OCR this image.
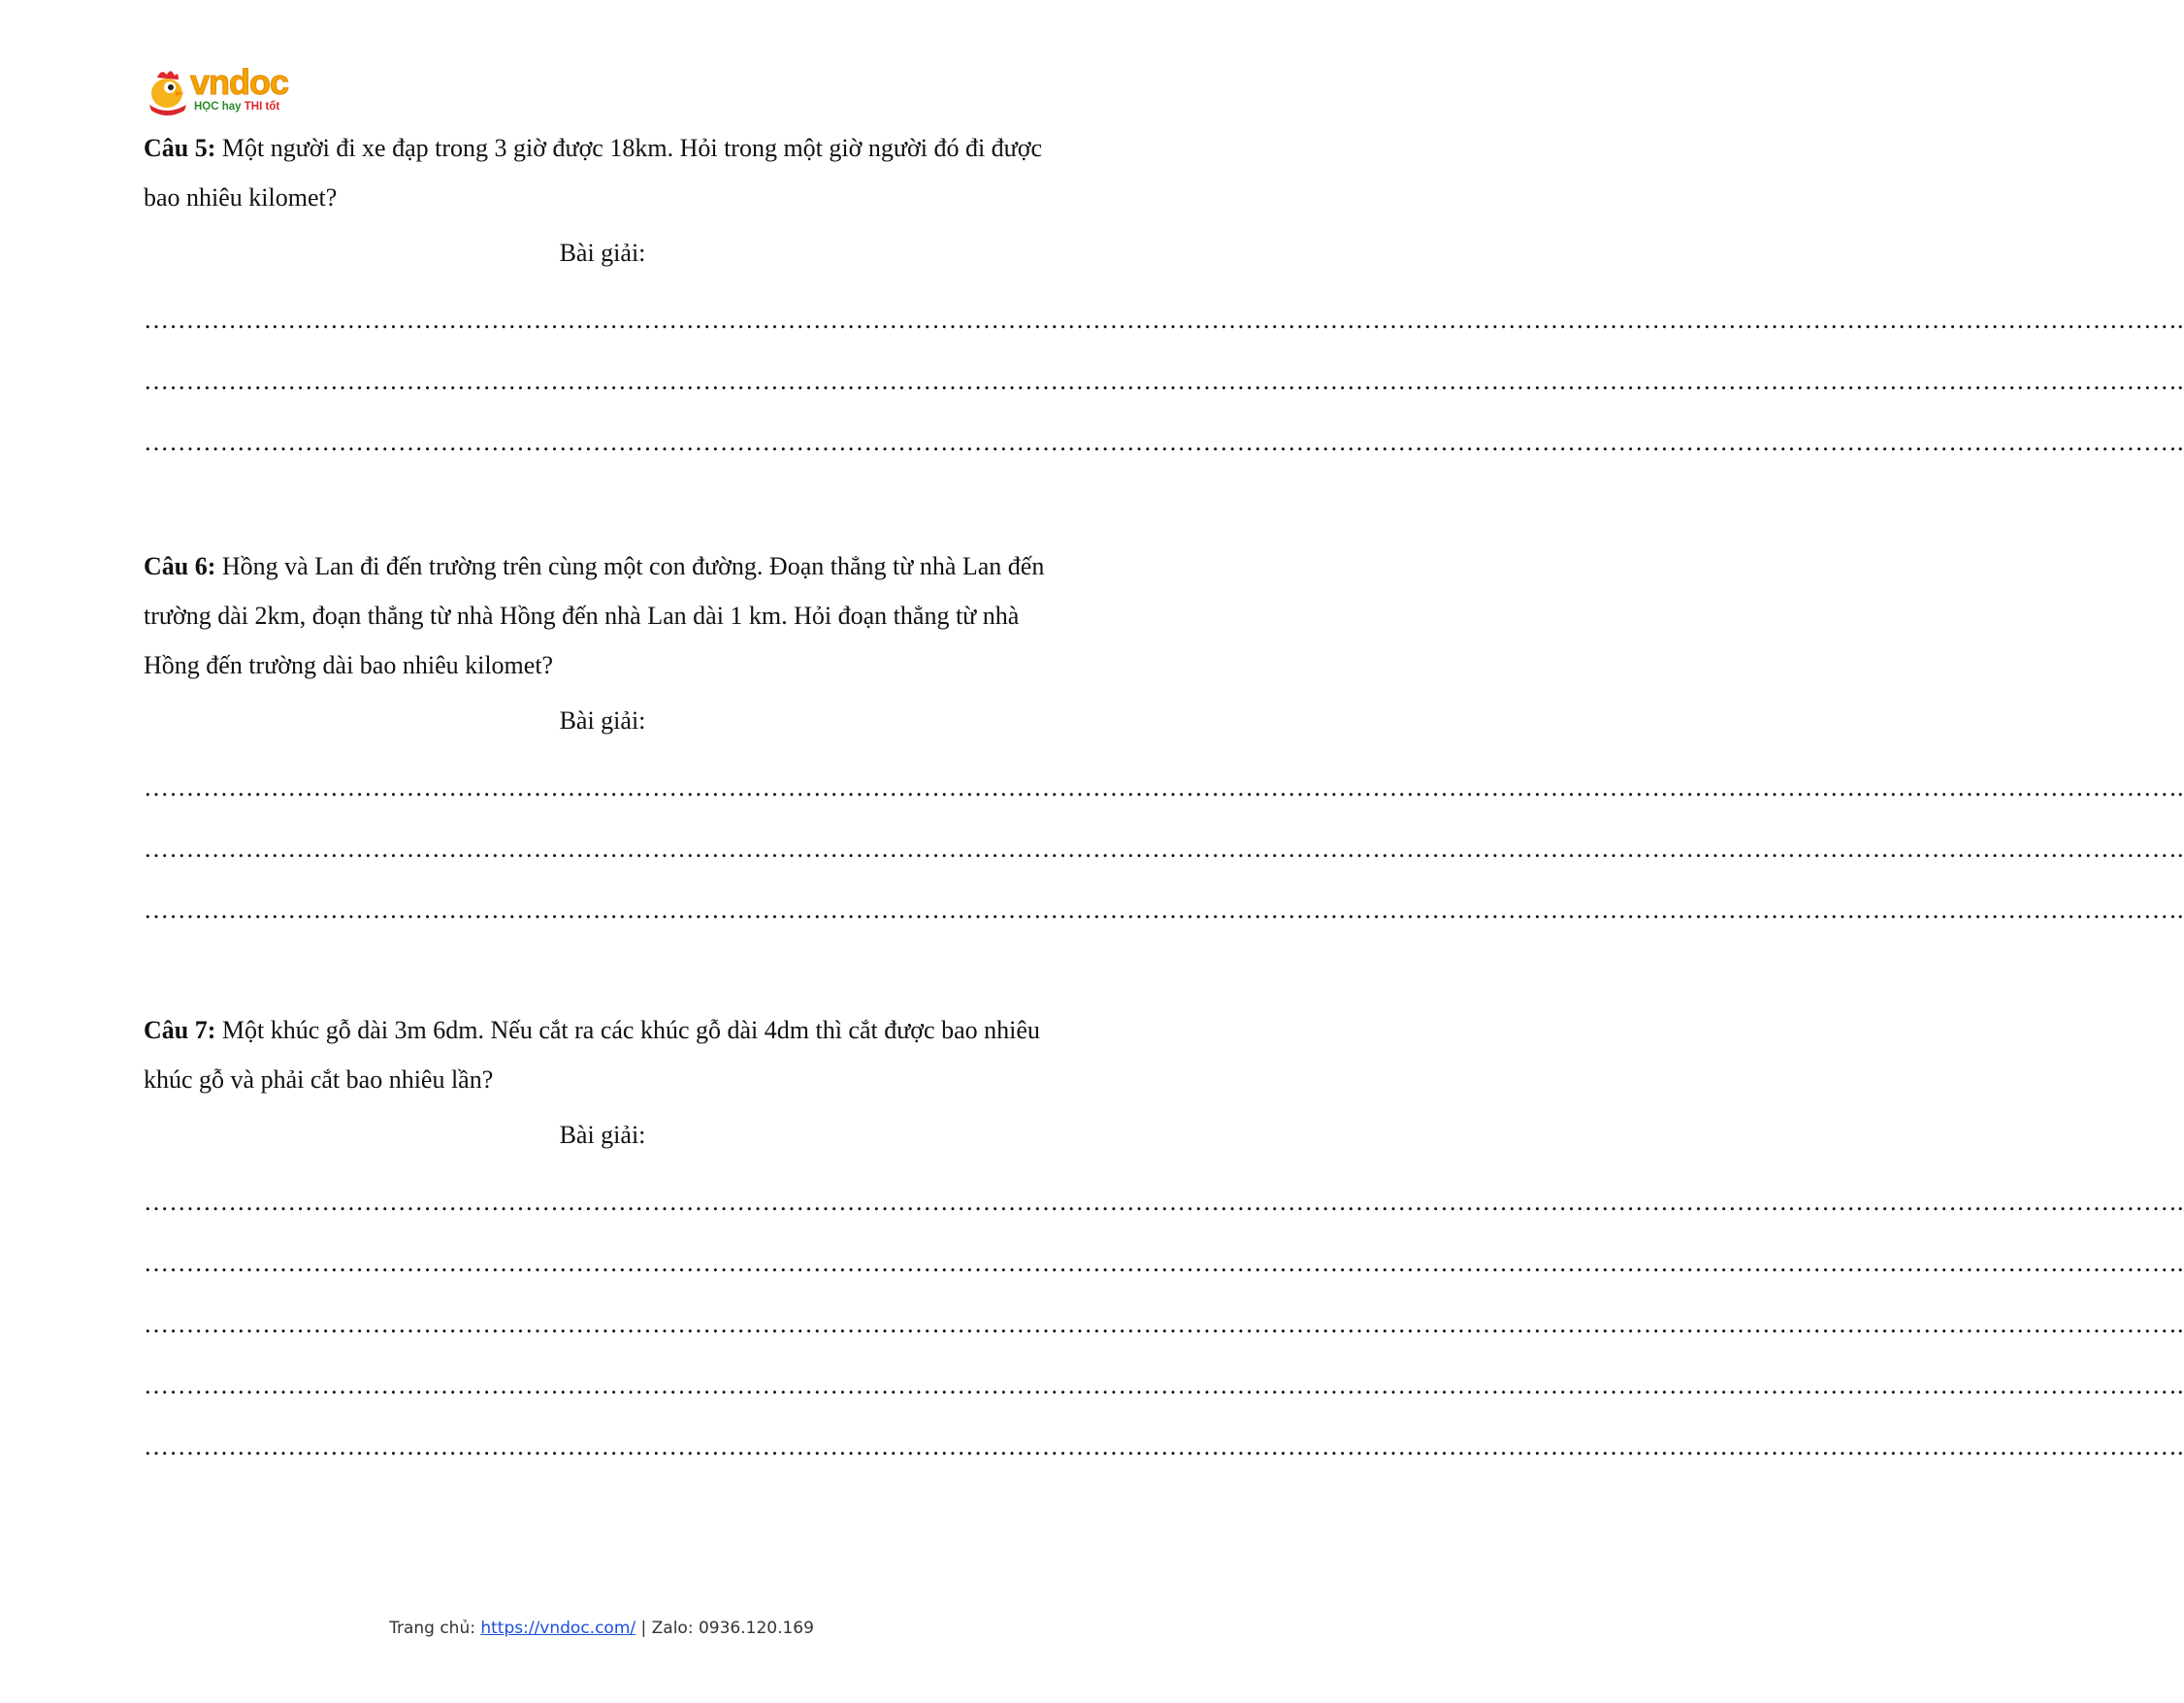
vndoc
HỌC hay THI tốt

Câu 5: Một người đi xe đạp trong 3 giờ được 18km. Hỏi trong một giờ người đó đi được bao nhiêu kilomet?

Bài giải:

…………………………………………………………………………………………………………………………………………………………………………………………………………………….
…………………………………………………………………………………………………………………………………………………………………………………………………………………….
…………………………………………………………………………………………………………………………………………………………………………………………………………………….

Câu 6: Hồng và Lan đi đến trường trên cùng một con đường. Đoạn thẳng từ nhà Lan đến trường dài 2km, đoạn thẳng từ nhà Hồng đến nhà Lan dài 1 km. Hỏi đoạn thẳng từ nhà Hồng đến trường dài bao nhiêu kilomet?

Bài giải:

…………………………………………………………………………………………………………………………………………………………………………………………………………………….
…………………………………………………………………………………………………………………………………………………………………………………………………………………….
…………………………………………………………………………………………………………………………………………………………………………………………………………………….

Câu 7: Một khúc gỗ dài 3m 6dm. Nếu cắt ra các khúc gỗ dài 4dm thì cắt được bao nhiêu khúc gỗ và phải cắt bao nhiêu lần?

Bài giải:

…………………………………………………………………………………………………………………………………………………………………………………………………………………….
…………………………………………………………………………………………………………………………………………………………………………………………………………………….
…………………………………………………………………………………………………………………………………………………………………………………………………………………….
…………………………………………………………………………………………………………………………………………………………………………………………………………………….
…………………………………………………………………………………………………………………………………………………………………………………………………………………….
Trang chủ: https://vndoc.com/ | Zalo: 0936.120.169
